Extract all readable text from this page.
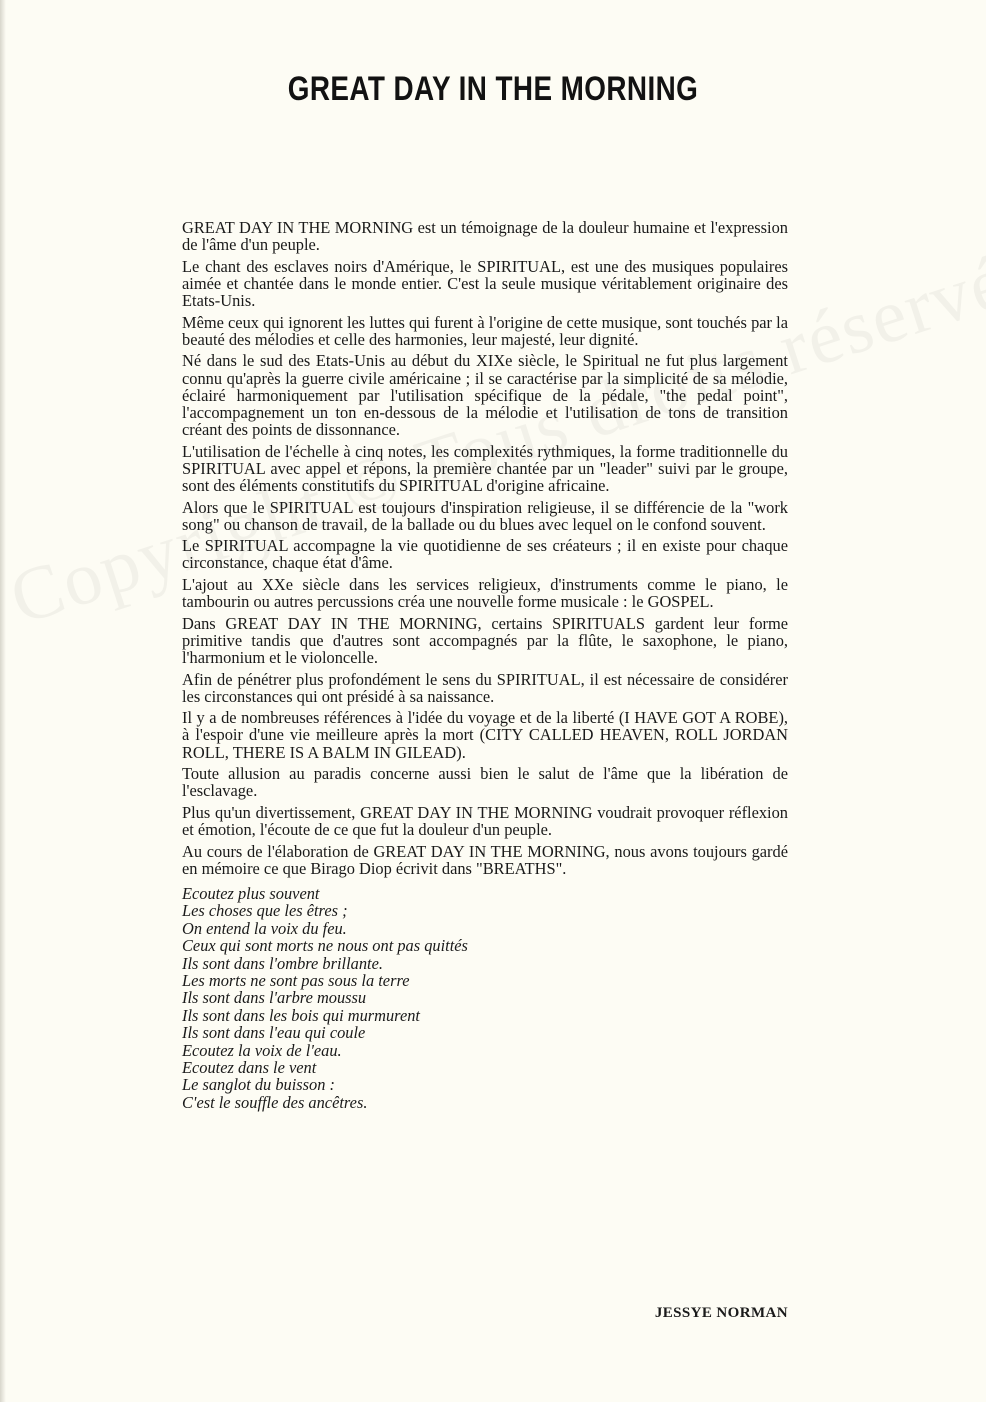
GREAT DAY IN THE MORNING

GREAT DAY IN THE MORNING est un témoignage de la douleur humaine et l'expression de l'âme d'un peuple.

Le chant des esclaves noirs d'Amérique, le SPIRITUAL, est une des musiques populaires aimée et chantée dans le monde entier. C'est la seule musique véritablement originaire des Etats-Unis.

Même ceux qui ignorent les luttes qui furent à l'origine de cette musique, sont touchés par la beauté des mélodies et celle des harmonies, leur majesté, leur dignité.

Né dans le sud des Etats-Unis au début du XIXe siècle, le Spiritual ne fut plus largement connu qu'après la guerre civile américaine ; il se caractérise par la simplicité de sa mélodie, éclairé harmoniquement par l'utilisation spécifique de la pédale, "the pedal point", l'accompagnement un ton en-dessous de la mélodie et l'utilisation de tons de transition créant des points de dissonnance.

L'utilisation de l'échelle à cinq notes, les complexités rythmiques, la forme traditionnelle du SPIRITUAL avec appel et répons, la première chantée par un "leader" suivi par le groupe, sont des éléments constitutifs du SPIRITUAL d'origine africaine.

Alors que le SPIRITUAL est toujours d'inspiration religieuse, il se différencie de la "work song" ou chanson de travail, de la ballade ou du blues avec lequel on le confond souvent.

Le SPIRITUAL accompagne la vie quotidienne de ses créateurs ; il en existe pour chaque circonstance, chaque état d'âme.

L'ajout au XXe siècle dans les services religieux, d'instruments comme le piano, le tambourin ou autres percussions créa une nouvelle forme musicale : le GOSPEL.

Dans GREAT DAY IN THE MORNING, certains SPIRITUALS gardent leur forme primitive tandis que d'autres sont accompagnés par la flûte, le saxophone, le piano, l'harmonium et le violoncelle.

Afin de pénétrer plus profondément le sens du SPIRITUAL, il est nécessaire de considérer les circonstances qui ont présidé à sa naissance.

Il y a de nombreuses références à l'idée du voyage et de la liberté (I HAVE GOT A ROBE), à l'espoir d'une vie meilleure après la mort (CITY CALLED HEAVEN, ROLL JORDAN ROLL, THERE IS A BALM IN GILEAD).

Toute allusion au paradis concerne aussi bien le salut de l'âme que la libération de l'esclavage.

Plus qu'un divertissement, GREAT DAY IN THE MORNING voudrait provoquer réflexion et émotion, l'écoute de ce que fut la douleur d'un peuple.

Au cours de l'élaboration de GREAT DAY IN THE MORNING, nous avons toujours gardé en mémoire ce que Birago Diop écrivit dans "BREATHS".

Ecoutez plus souvent
Les choses que les êtres ;
On entend la voix du feu.
Ceux qui sont morts ne nous ont pas quittés
Ils sont dans l'ombre brillante.
Les morts ne sont pas sous la terre
Ils sont dans l'arbre moussu
Ils sont dans les bois qui murmurent
Ils sont dans l'eau qui coule
Ecoutez la voix de l'eau.
Ecoutez dans le vent
Le sanglot du buisson :
C'est le souffle des ancêtres.

JESSYE NORMAN
